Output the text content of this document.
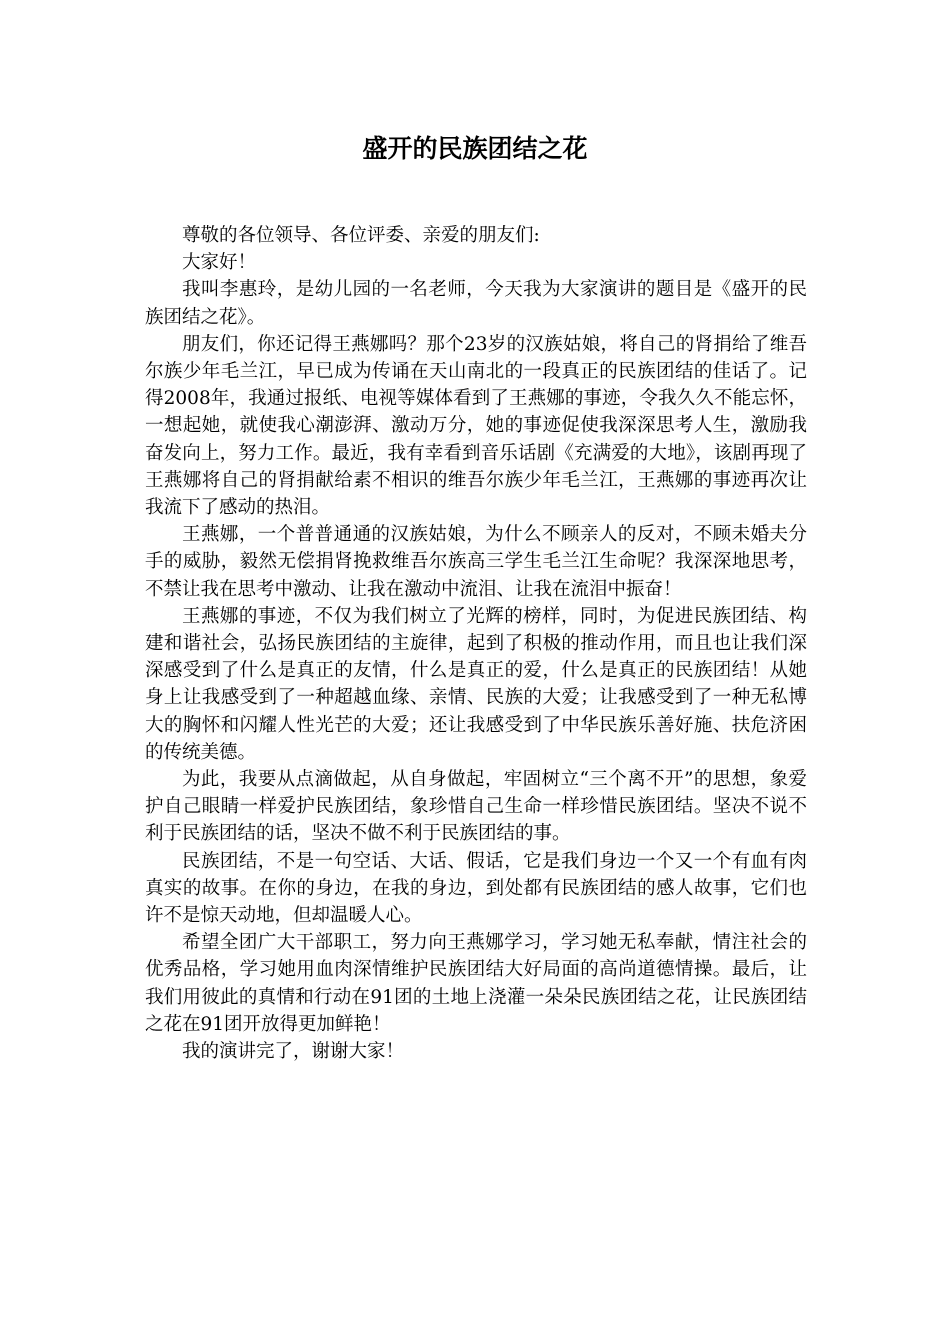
盛开的民族团结之花

尊敬的各位领导、各位评委、亲爱的朋友们:

大家好！

我叫李惠玲，是幼儿园的一名老师，今天我为大家演讲的题目是《盛开的民族团结之花》。

朋友们，你还记得王燕娜吗？那个23岁的汉族姑娘，将自己的肾捐给了维吾尔族少年毛兰江，早已成为传诵在天山南北的一段真正的民族团结的佳话了。记得2008年，我通过报纸、电视等媒体看到了王燕娜的事迹，令我久久不能忘怀，一想起她，就使我心潮澎湃、激动万分，她的事迹促使我深深思考人生，激励我奋发向上，努力工作。最近，我有幸看到音乐话剧《充满爱的大地》，该剧再现了王燕娜将自己的肾捐献给素不相识的维吾尔族少年毛兰江，王燕娜的事迹再次让我流下了感动的热泪。

王燕娜，一个普普通通的汉族姑娘，为什么不顾亲人的反对，不顾未婚夫分手的威胁，毅然无偿捐肾挽救维吾尔族高三学生毛兰江生命呢？我深深地思考，不禁让我在思考中激动、让我在激动中流泪、让我在流泪中振奋！

王燕娜的事迹，不仅为我们树立了光辉的榜样，同时，为促进民族团结、构建和谐社会，弘扬民族团结的主旋律，起到了积极的推动作用，而且也让我们深深感受到了什么是真正的友情，什么是真正的爱，什么是真正的民族团结！从她身上让我感受到了一种超越血缘、亲情、民族的大爱；让我感受到了一种无私博大的胸怀和闪耀人性光芒的大爱；还让我感受到了中华民族乐善好施、扶危济困的传统美德。

为此，我要从点滴做起，从自身做起，牢固树立“三个离不开”的思想，象爱护自己眼睛一样爱护民族团结，象珍惜自己生命一样珍惜民族团结。坚决不说不利于民族团结的话，坚决不做不利于民族团结的事。

民族团结，不是一句空话、大话、假话，它是我们身边一个又一个有血有肉真实的故事。在你的身边，在我的身边，到处都有民族团结的感人故事，它们也许不是惊天动地，但却温暖人心。

希望全团广大干部职工，努力向王燕娜学习，学习她无私奉献，情注社会的优秀品格，学习她用血肉深情维护民族团结大好局面的高尚道德情操。最后，让我们用彼此的真情和行动在91团的土地上浇灌一朵朵民族团结之花，让民族团结之花在91团开放得更加鲜艳！

我的演讲完了，谢谢大家！
